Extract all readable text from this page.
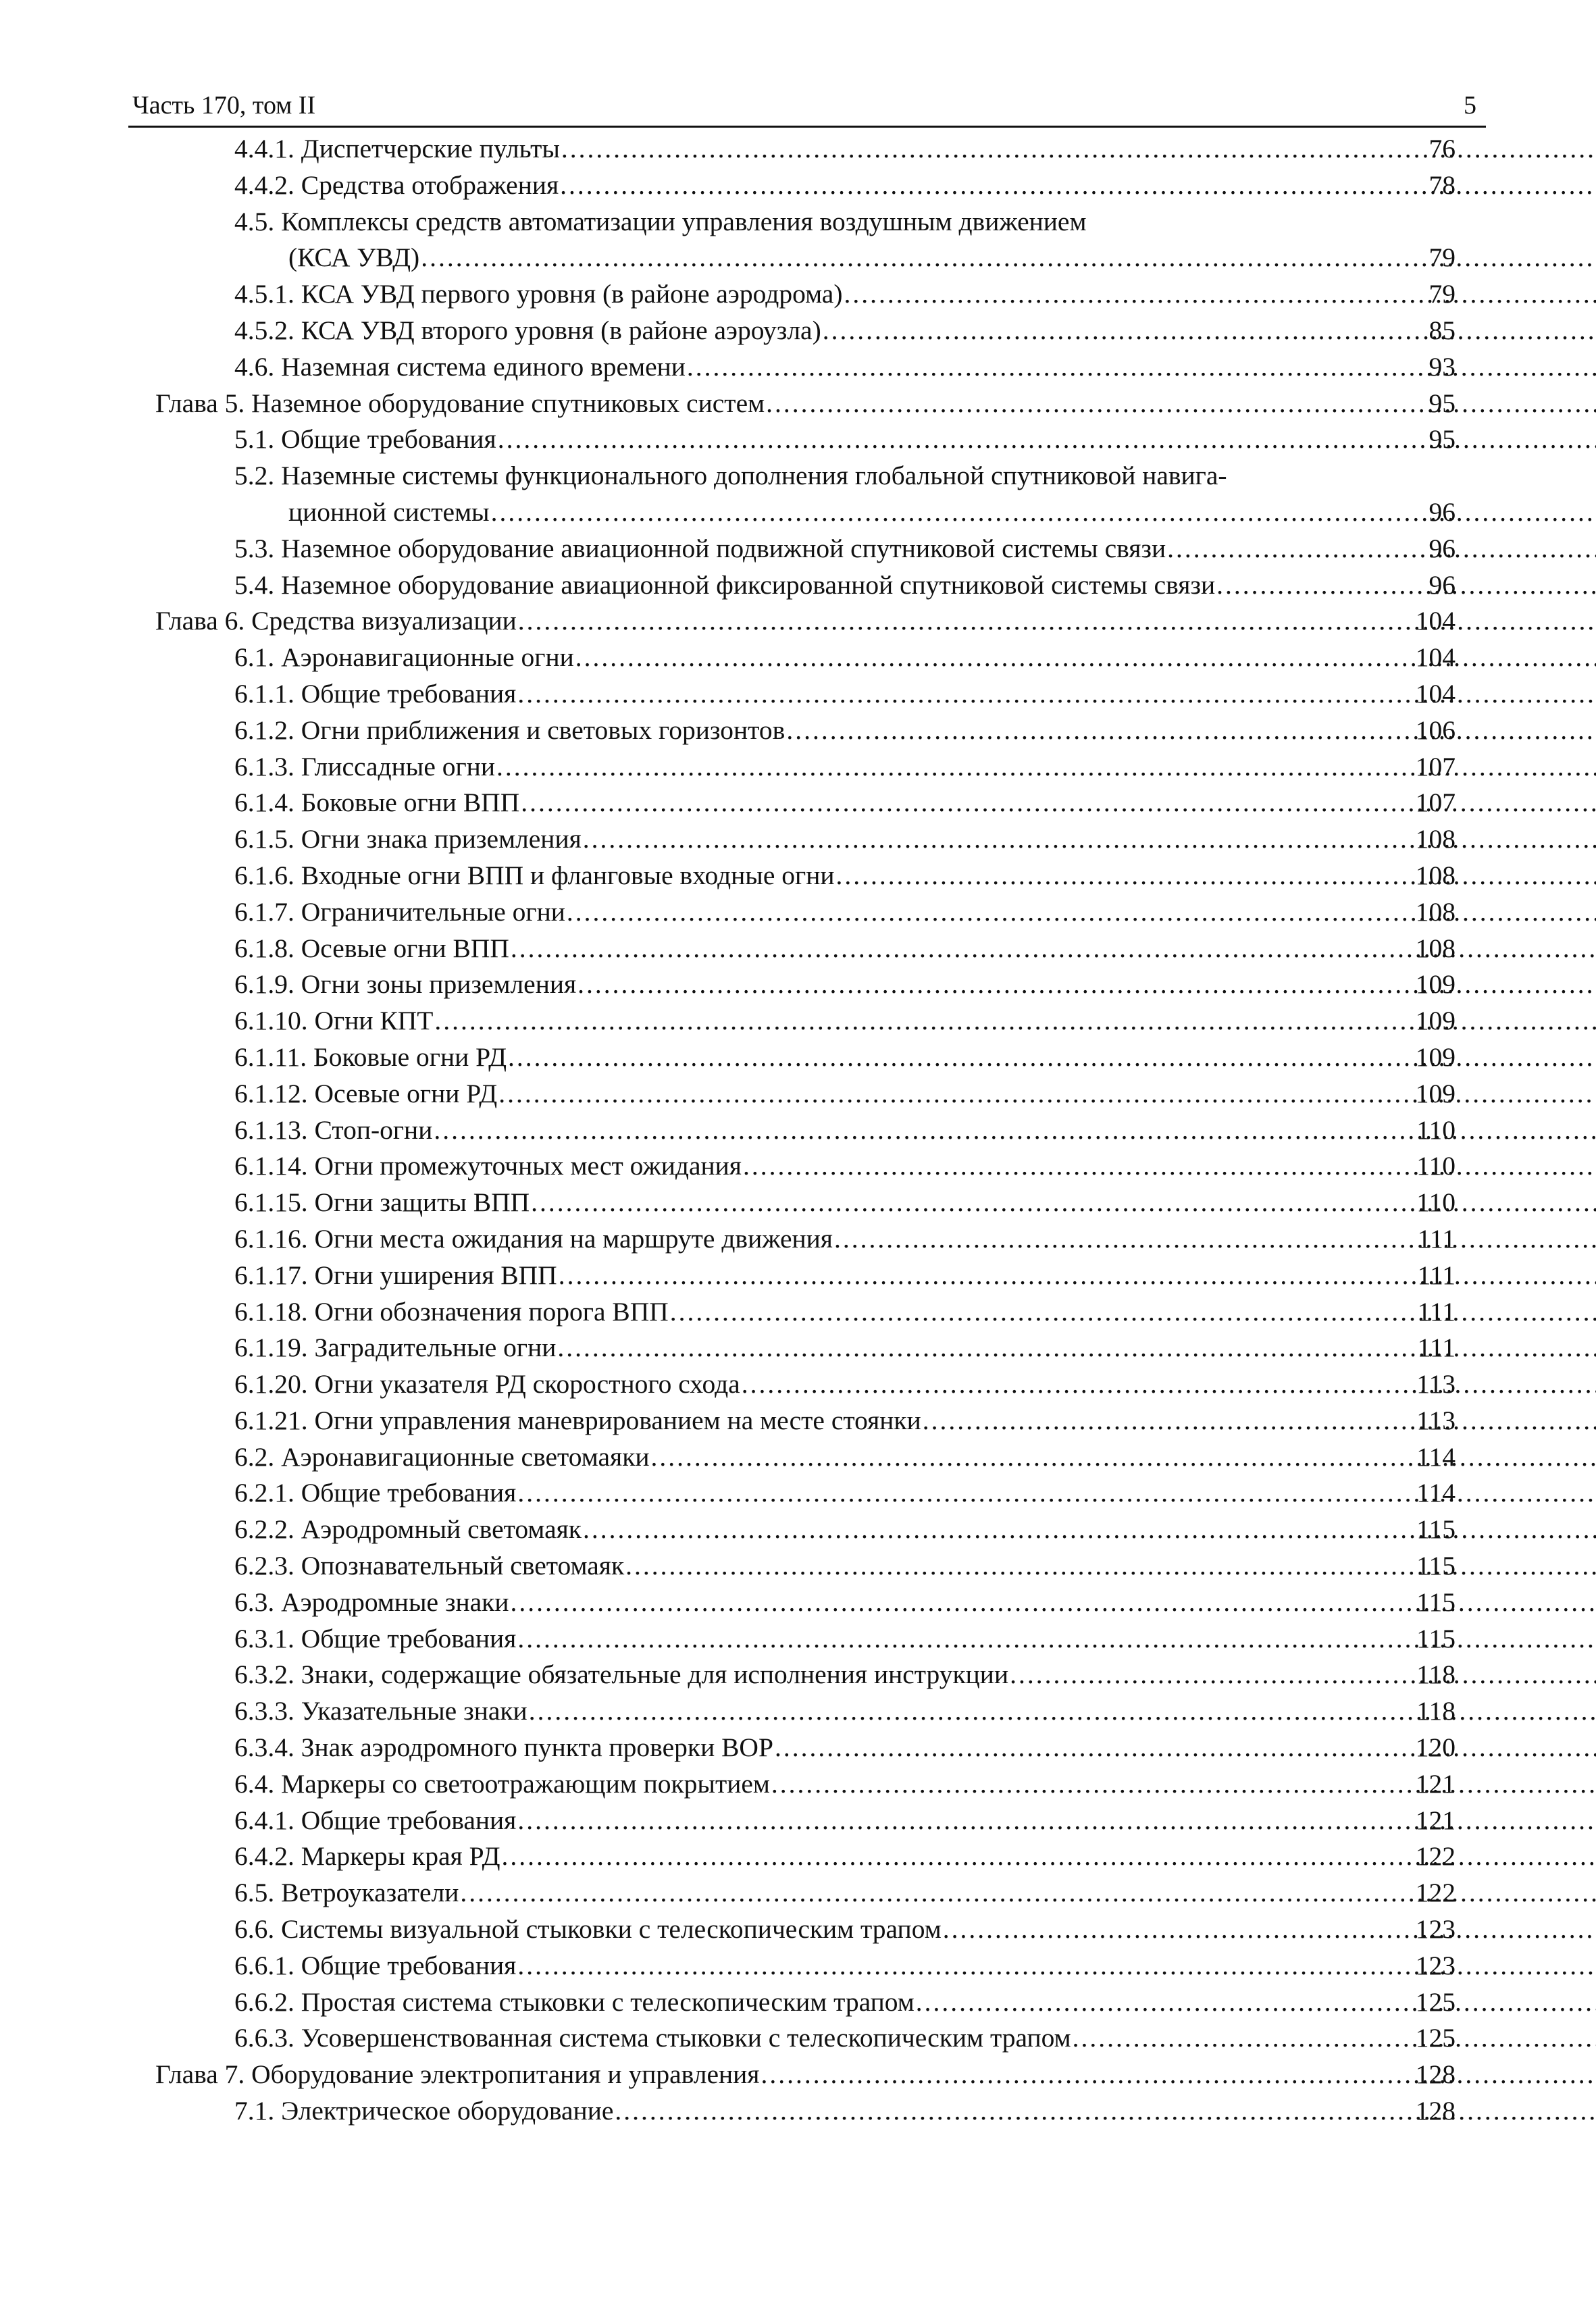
Часть 170, том II	5
4.4.1. Диспетчерские пульты .....	76
4.4.2. Средства отображения .....	78
4.5. Комплексы средств автоматизации управления воздушным движением
(КСА УВД) .....	79
4.5.1. КСА УВД первого уровня (в районе аэродрома) .....	79
4.5.2. КСА УВД второго уровня (в районе аэроузла) .....	85
4.6. Наземная система единого времени .....	93
Глава 5. Наземное оборудование спутниковых систем .....	95
5.1. Общие требования .....	95
5.2. Наземные системы функционального дополнения глобальной спутниковой навига-
ционной системы .....	96
5.3. Наземное оборудование авиационной подвижной спутниковой системы связи .....	96
5.4. Наземное оборудование авиационной фиксированной спутниковой системы связи .....	96
Глава 6. Средства визуализации .....	104
6.1. Аэронавигационные огни .....	104
6.1.1. Общие требования .....	104
6.1.2. Огни приближения и световых горизонтов .....	106
6.1.3. Глиссадные огни .....	107
6.1.4. Боковые огни ВПП .....	107
6.1.5. Огни знака приземления .....	108
6.1.6. Входные огни ВПП и фланговые входные огни .....	108
6.1.7. Ограничительные огни .....	108
6.1.8. Осевые огни ВПП .....	108
6.1.9. Огни зоны приземления .....	109
6.1.10. Огни КПТ .....	109
6.1.11. Боковые огни РД .....	109
6.1.12. Осевые огни РД .....	109
6.1.13. Стоп-огни .....	110
6.1.14. Огни промежуточных мест ожидания .....	110
6.1.15. Огни защиты ВПП .....	110
6.1.16. Огни места ожидания на маршруте движения .....	111
6.1.17. Огни уширения ВПП .....	111
6.1.18. Огни обозначения порога ВПП .....	111
6.1.19. Заградительные огни .....	111
6.1.20. Огни указателя РД скоростного схода .....	113
6.1.21. Огни управления маневрированием на месте стоянки .....	113
6.2. Аэронавигационные светомаяки .....	114
6.2.1. Общие требования .....	114
6.2.2. Аэродромный светомаяк .....	115
6.2.3. Опознавательный светомаяк .....	115
6.3. Аэродромные знаки .....	115
6.3.1. Общие требования .....	115
6.3.2. Знаки, содержащие обязательные для исполнения инструкции .....	118
6.3.3. Указательные знаки .....	118
6.3.4. Знак аэродромного пункта проверки ВОР .....	120
6.4. Маркеры со светоотражающим покрытием .....	121
6.4.1. Общие требования .....	121
6.4.2. Маркеры края РД .....	122
6.5. Ветроуказатели .....	122
6.6. Системы визуальной стыковки с телескопическим трапом .....	123
6.6.1. Общие требования .....	123
6.6.2. Простая система стыковки с телескопическим трапом .....	125
6.6.3. Усовершенствованная система стыковки с телескопическим трапом .....	125
Глава 7. Оборудование электропитания и управления .....	128
7.1. Электрическое оборудование .....	128
